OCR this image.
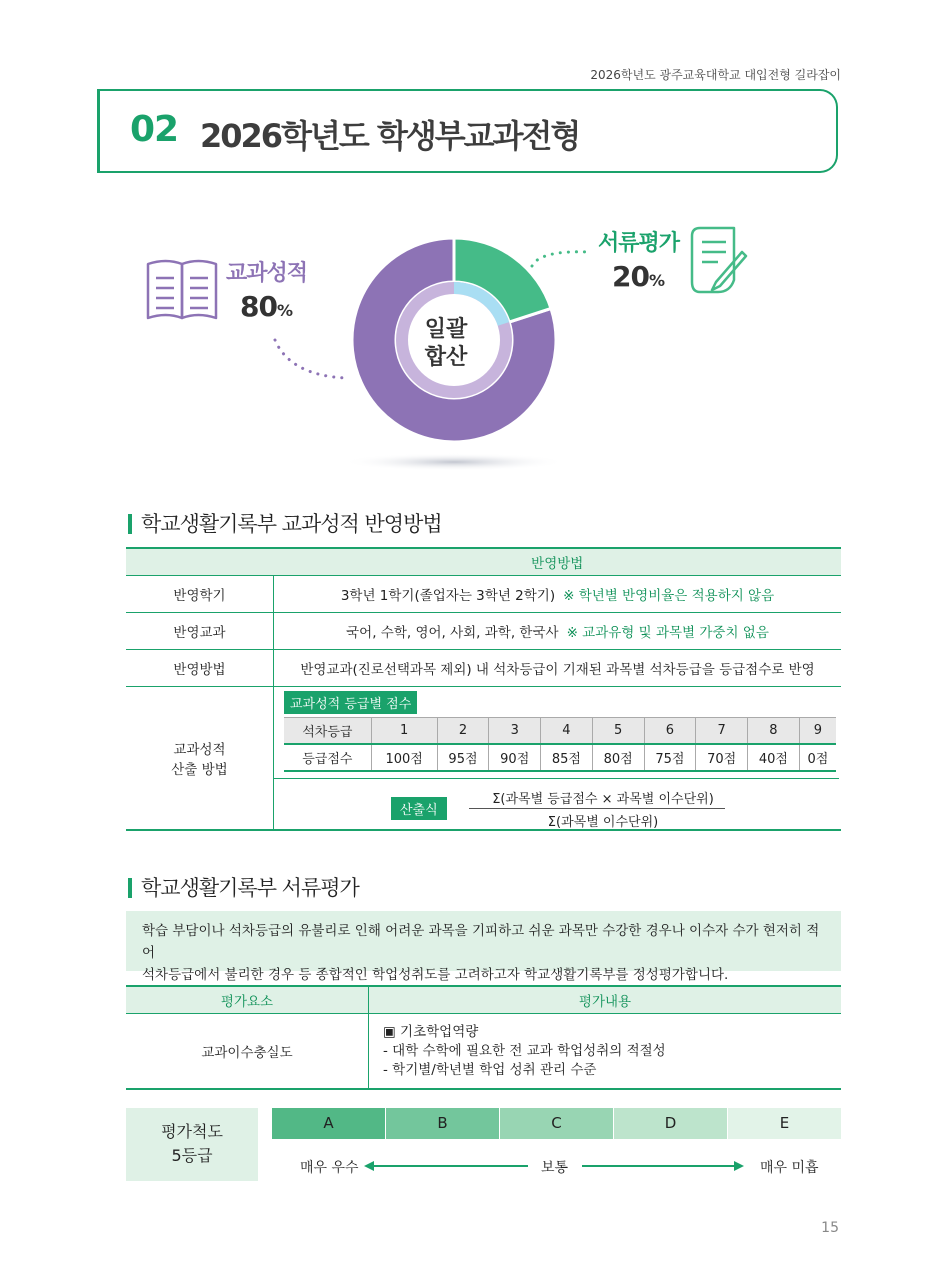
2026학년도 광주교육대학교 대입전형 길라잡이
02 2026학년도 학생부교과전형
교과성적
80%
서류평가
20%
일괄
합산
학교생활기록부 교과성적 반영방법
	반영방법
반영학기	3학년 1학기(졸업자는 3학년 2학기) ※ 학년별 반영비율은 적용하지 않음
반영교과	국어, 수학, 영어, 사회, 과학, 한국사 ※ 교과유형 및 과목별 가중치 없음
반영방법	반영교과(진로선택과목 제외) 내 석차등급이 기재된 과목별 석차등급을 등급점수로 반영

교과성적
산출 방법

교과성적 등급별 점수
석차등급	1	2	3	4	5	6	7	8	9
등급점수	100점	95점	90점	85점	80점	75점	70점	40점	0점
산출식
Σ(과목별 등급점수 × 과목별 이수단위)
Σ(과목별 이수단위)
학교생활기록부 서류평가
학습 부담이나 석차등급의 유불리로 인해 어려운 과목을 기피하고 쉬운 과목만 수강한 경우나 이수자 수가 현저히 적어
석차등급에서 불리한 경우 등 종합적인 학업성취도를 고려하고자 학교생활기록부를 정성평가합니다.
평가요소	평가내용
교과이수충실도	▣ 기초학업역량
- 대학 수학에 필요한 전 교과 학업성취의 적절성
- 학기별/학년별 학업 성취 관리 수준
평가척도
5등급
A	B	C	D	E
매우 우수	보통	매우 미흡
15
